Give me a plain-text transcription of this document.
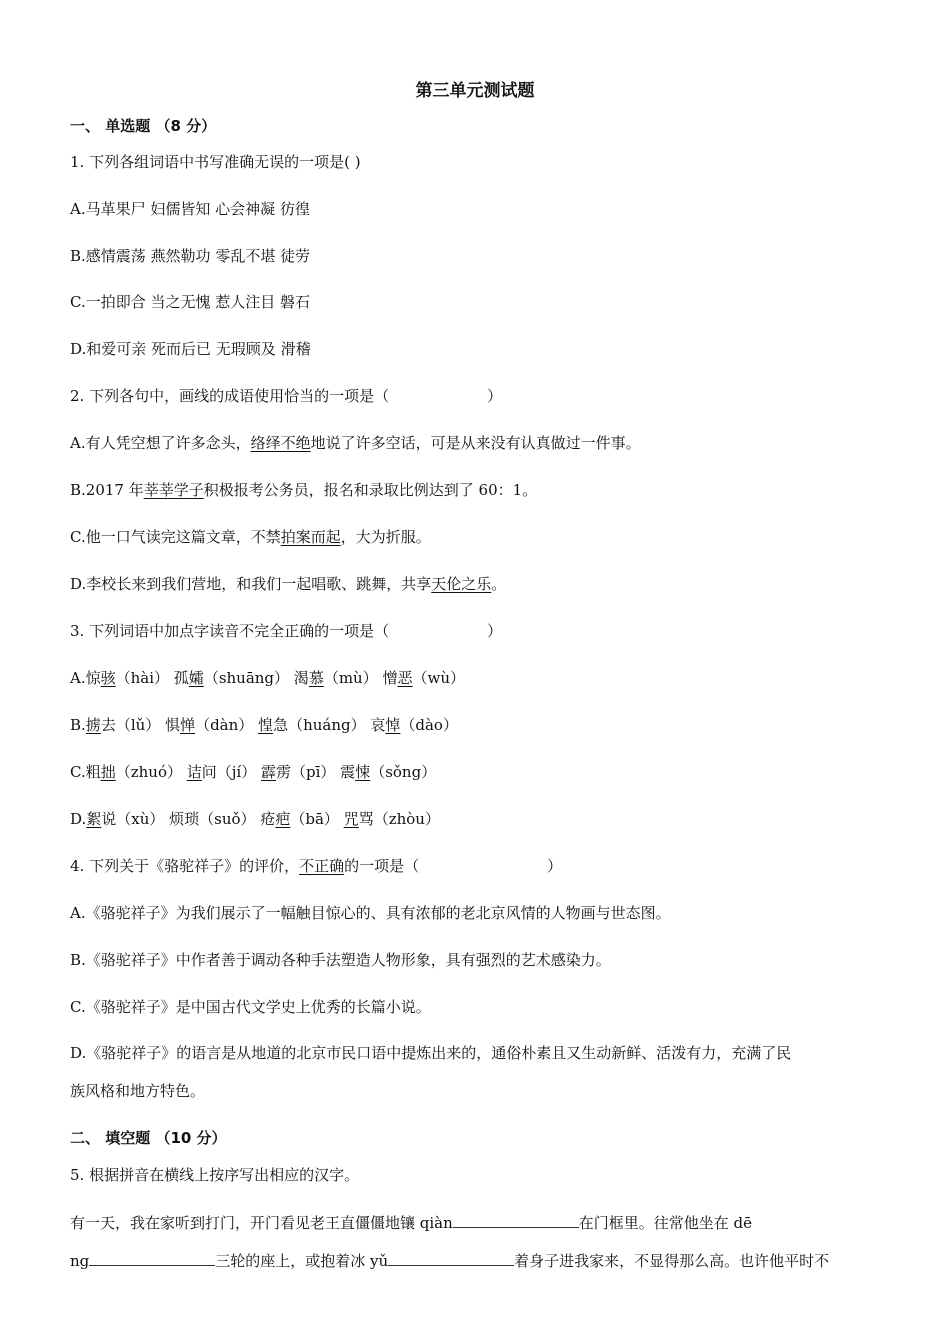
第三单元测试题
一、 单选题 （8 分）
1. 下列各组词语中书写准确无误的一项是( )
A.马革果尸 妇儒皆知 心会神凝 彷徨
B.感情震荡 燕然勒功 零乱不堪 徒劳
C.一拍即合 当之无愧 惹人注目 磐石
D.和爱可亲 死而后已 无瑕顾及 滑稽
2. 下列各句中，画线的成语使用恰当的一项是（	）
A.有人凭空想了许多念头，络绎不绝地说了许多空话，可是从来没有认真做过一件事。
B.2017 年莘莘学子积极报考公务员，报名和录取比例达到了 60：1。
C.他一口气读完这篇文章，不禁拍案而起，大为折服。
D.李校长来到我们营地，和我们一起唱歌、跳舞，共享天伦之乐。
3. 下列词语中加点字读音不完全正确的一项是（	）
A.惊骇（hài） 孤孀（shuāng） 渴慕（mù） 憎恶（wù）
B.掳去（lǔ） 惧惮（dàn） 惶急（huáng） 哀悼（dào）
C.粗拙（zhuó） 诘问（jí） 霹雳（pī） 震悚（sǒng）
D.絮说（xù） 烦琐（suǒ） 疮疤（bā） 咒骂（zhòu）
4. 下列关于《骆驼祥子》的评价，不正确的一项是（	）
A.《骆驼祥子》为我们展示了一幅触目惊心的、具有浓郁的老北京风情的人物画与世态图。
B.《骆驼祥子》中作者善于调动各种手法塑造人物形象，具有强烈的艺术感染力。
C.《骆驼祥子》是中国古代文学史上优秀的长篇小说。
D.《骆驼祥子》的语言是从地道的北京市民口语中提炼出来的，通俗朴素且又生动新鲜、活泼有力，充满了民
族风格和地方特色。
二、 填空题 （10 分）
5. 根据拼音在横线上按序写出相应的汉字。
有一天，我在家听到打门，开门看见老王直僵僵地镶 qiàn	在门框里。往常他坐在 dē
ng	三轮的座上，或抱着冰 yǔ	着身子进我家来，不显得那么高。也许他平时不
